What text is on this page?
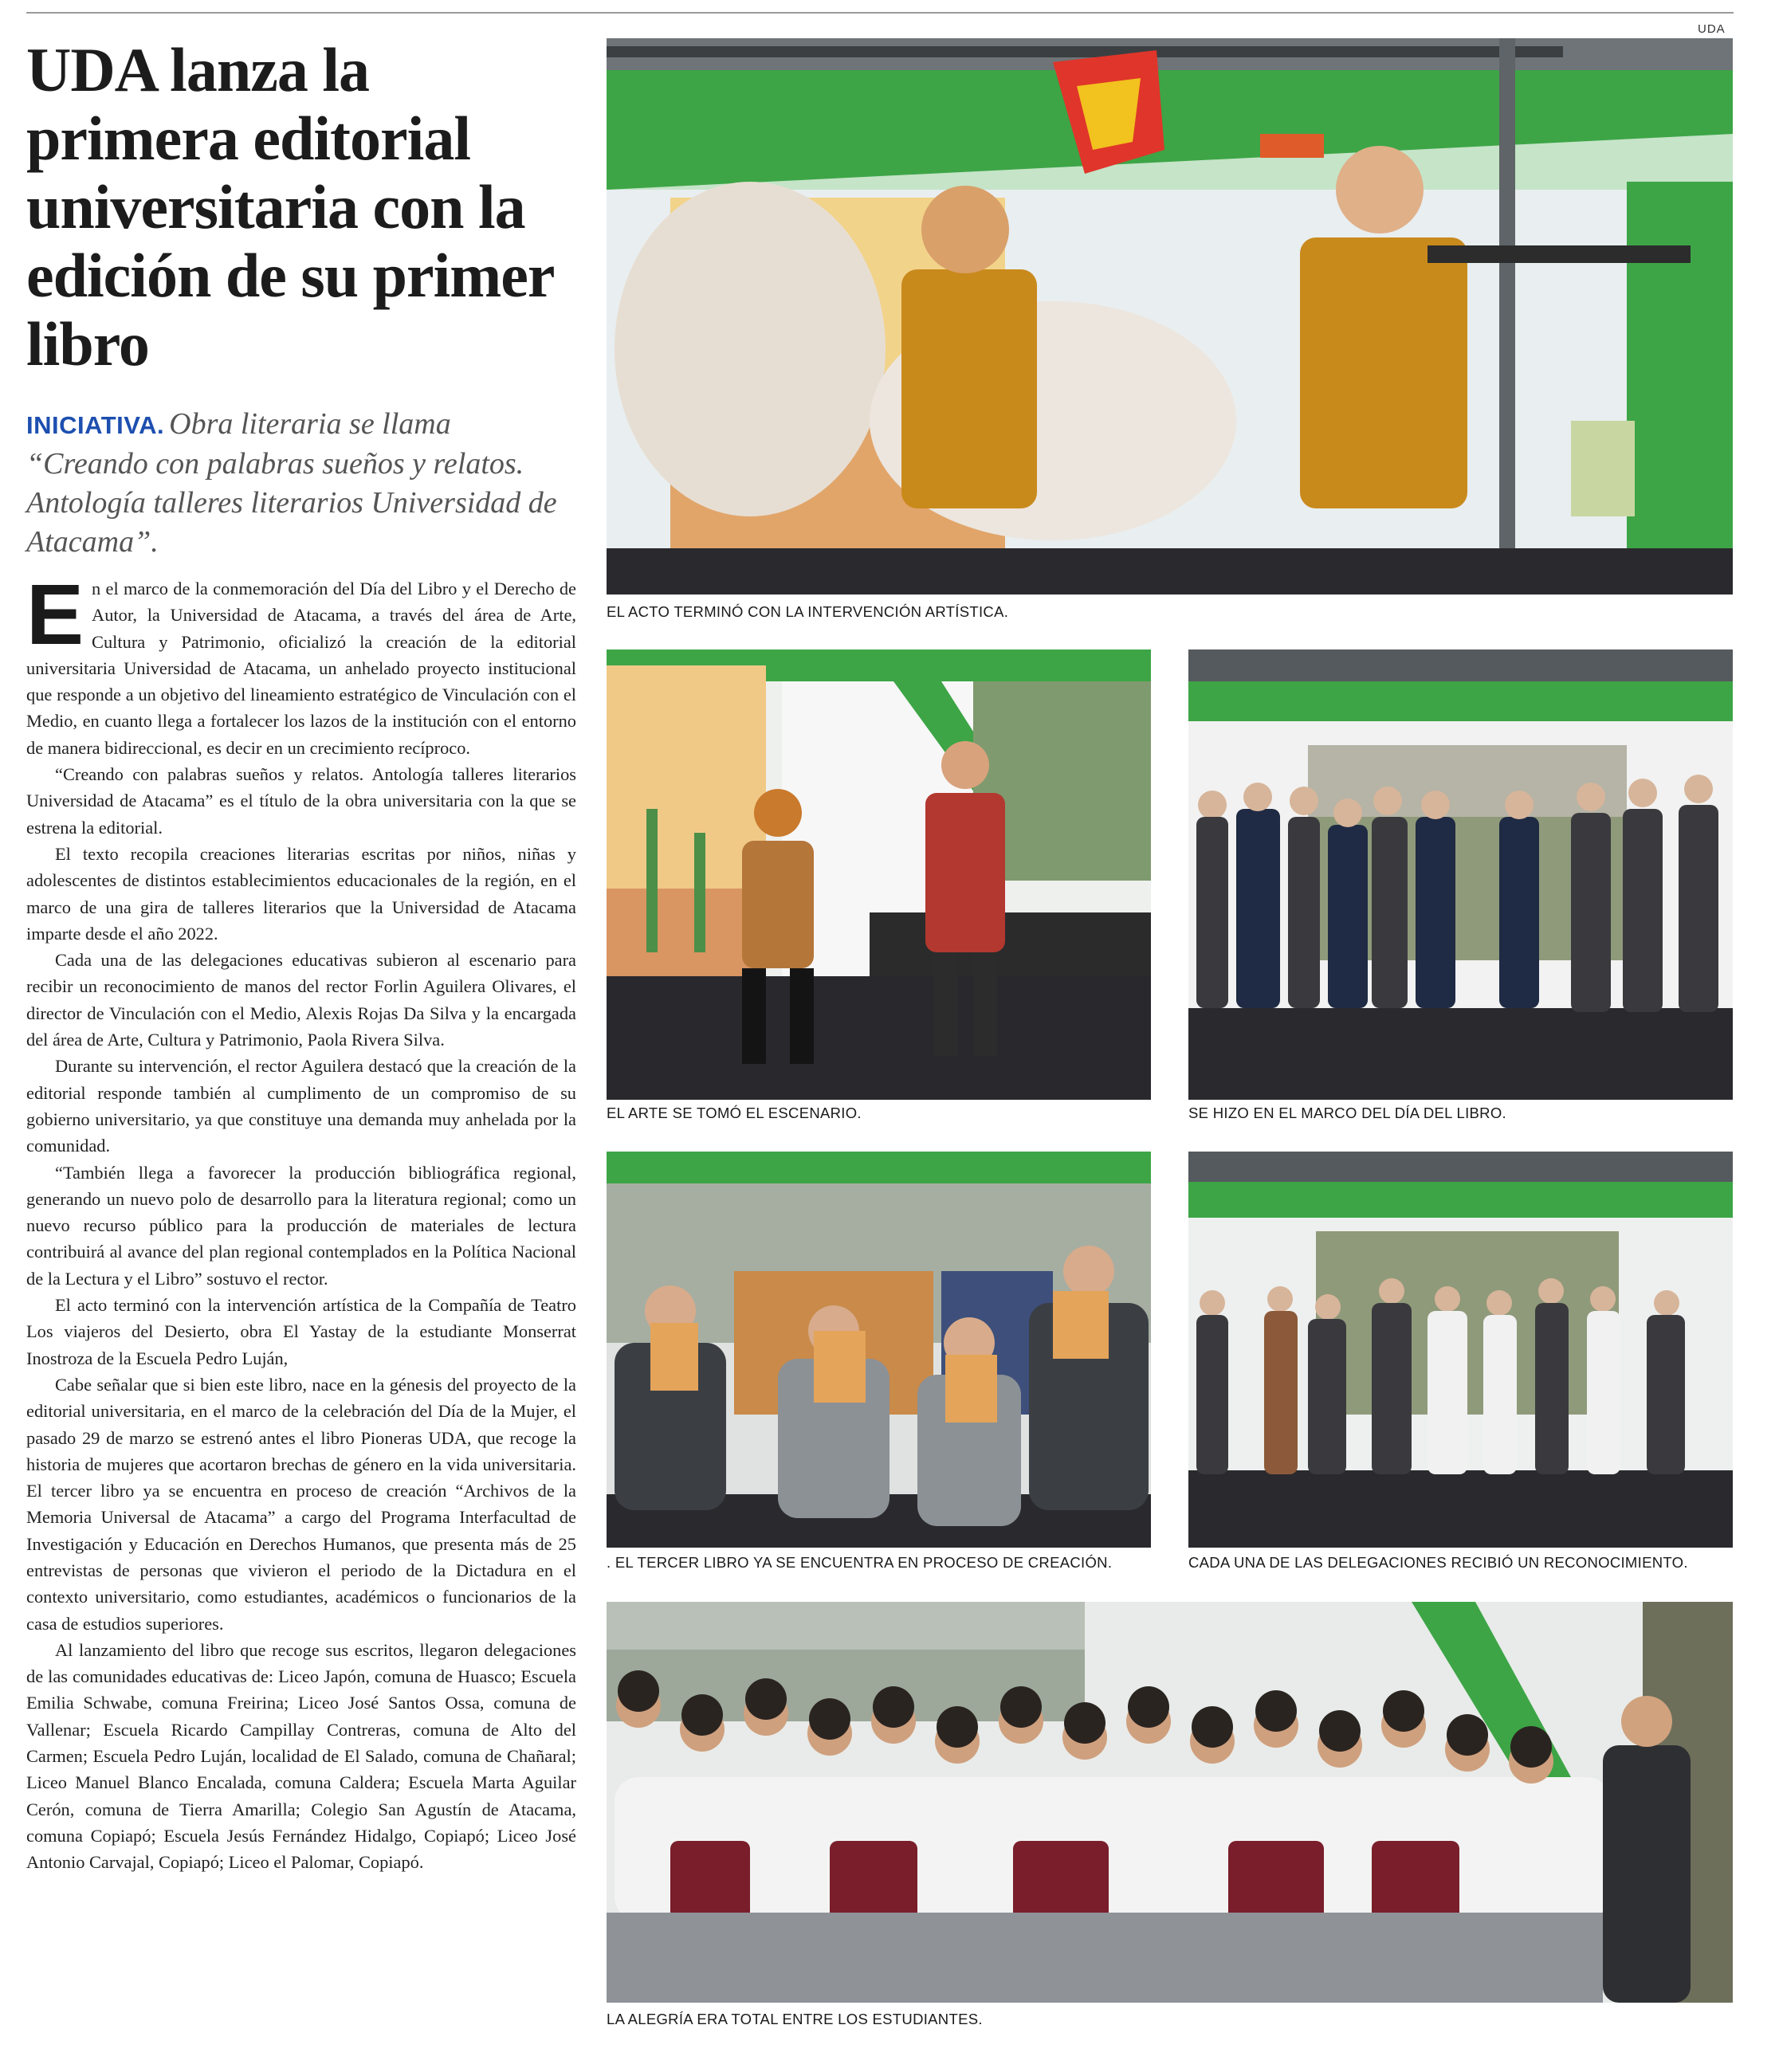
UDA
UDA lanza la primera editorial universitaria con la edición de su primer libro

INICIATIVA. Obra literaria se llama “Creando con palabras sueños y relatos. Antología talleres literarios Universidad de Atacama”.

En el marco de la conmemoración del Día del Libro y el Derecho de Autor, la Universidad de Atacama, a través del área de Arte, Cultura y Patrimonio, oficializó la creación de la editorial universitaria Universidad de Atacama, un anhelado proyecto institucional que responde a un objetivo del lineamiento estratégico de Vinculación con el Medio, en cuanto llega a fortalecer los lazos de la institución con el entorno de manera bidireccional, es decir en un crecimiento recíproco.

“Creando con palabras sueños y relatos. Antología talleres literarios Universidad de Atacama” es el título de la obra universitaria con la que se estrena la editorial.

El texto recopila creaciones literarias escritas por niños, niñas y adolescentes de distintos establecimientos educacionales de la región, en el marco de una gira de talleres literarios que la Universidad de Atacama imparte desde el año 2022.

Cada una de las delegaciones educativas subieron al escenario para recibir un reconocimiento de manos del rector Forlin Aguilera Olivares, el director de Vinculación con el Medio, Alexis Rojas Da Silva y la encargada del área de Arte, Cultura y Patrimonio, Paola Rivera Silva.

Durante su intervención, el rector Aguilera destacó que la creación de la editorial responde también al cumplimento de un compromiso de su gobierno universitario, ya que constituye una demanda muy anhelada por la comunidad.

“También llega a favorecer la producción bibliográfica regional, generando un nuevo polo de desarrollo para la literatura regional; como un nuevo recurso público para la producción de materiales de lectura contribuirá al avance del plan regional contemplados en la Política Nacional de la Lectura y el Libro” sostuvo el rector.

El acto terminó con la intervención artística de la Compañía de Teatro Los viajeros del Desierto, obra El Yastay de la estudiante Monserrat Inostroza de la Escuela Pedro Luján,

Cabe señalar que si bien este libro, nace en la génesis del proyecto de la editorial universitaria, en el marco de la celebración del Día de la Mujer, el pasado 29 de marzo se estrenó antes el libro Pioneras UDA, que recoge la historia de mujeres que acortaron brechas de género en la vida universitaria. El tercer libro ya se encuentra en proceso de creación “Archivos de la Memoria Universal de Atacama” a cargo del Programa Interfacultad de Investigación y Educación en Derechos Humanos, que presenta más de 25 entrevistas de personas que vivieron el periodo de la Dictadura en el contexto universitario, como estudiantes, académicos o funcionarios de la casa de estudios superiores.

Al lanzamiento del libro que recoge sus escritos, llegaron delegaciones de las comunidades educativas de: Liceo Japón, comuna de Huasco; Escuela Emilia Schwabe, comuna Freirina; Liceo José Santos Ossa, comuna de Vallenar; Escuela Ricardo Campillay Contreras, comuna de Alto del Carmen; Escuela Pedro Luján, localidad de El Salado, comuna de Chañaral; Liceo Manuel Blanco Encalada, comuna Caldera; Escuela Marta Aguilar Cerón, comuna de Tierra Amarilla; Colegio San Agustín de Atacama, comuna Copiapó; Escuela Jesús Fernández Hidalgo, Copiapó; Liceo José Antonio Carvajal, Copiapó; Liceo el Palomar, Copiapó.

EL ACTO TERMINÓ CON LA INTERVENCIÓN ARTÍSTICA.

EL ARTE SE TOMÓ EL ESCENARIO.	SE HIZO EN EL MARCO DEL DÍA DEL LIBRO.

. EL TERCER LIBRO YA SE ENCUENTRA EN PROCESO DE CREACIÓN.	CADA UNA DE LAS DELEGACIONES RECIBIÓ UN RECONOCIMIENTO.

LA ALEGRÍA ERA TOTAL ENTRE LOS ESTUDIANTES.
